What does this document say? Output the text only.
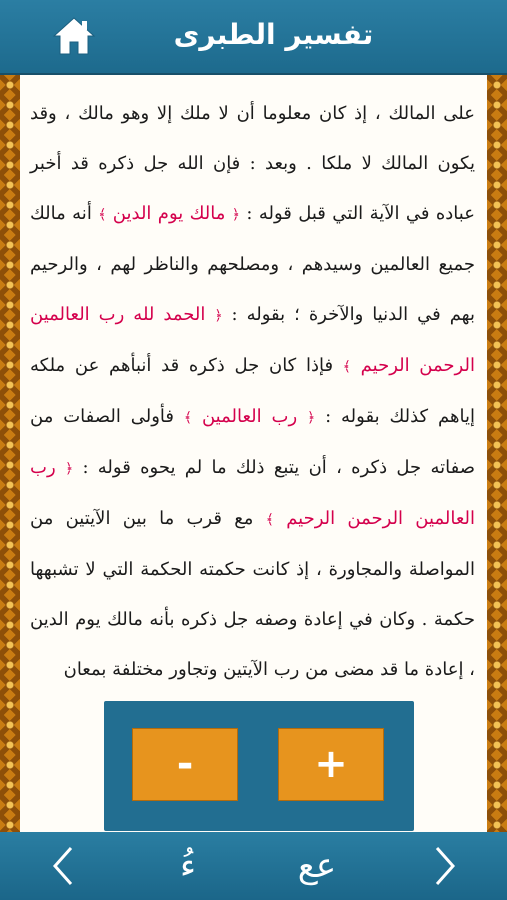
تفسير الطبرى
على المالك ، إذ كان معلوما أن لا ملك إلا وهو مالك ، وقد يكون المالك لا ملكا . وبعد : فإن الله جل ذكره قد أخبر عباده في الآية التي قبل قوله : ﴿ مالك يوم الدين ﴾ أنه مالك جميع العالمين وسيدهم ، ومصلحهم والناظر لهم ، والرحيم بهم في الدنيا والآخرة ؛ بقوله : ﴿ الحمد لله رب العالمين الرحمن الرحيم ﴾ فإذا كان جل ذكره قد أنبأهم عن ملكه إياهم كذلك بقوله : ﴿ رب العالمين ﴾ فأولى الصفات من صفاته جل ذكره ، أن يتبع ذلك ما لم يحوه قوله : ﴿ رب العالمين الرحمن الرحيم ﴾ مع قرب ما بين الآيتين من المواصلة والمجاورة ، إذ كانت حكمته الحكمة التي لا تشبهها حكمة . وكان في إعادة وصفه جل ذكره بأنه مالك يوم الدين ، إعادة ما قد مضى من رب الآيتين وتجاور مختلفة بمعان
-	+
ءُ	عع
